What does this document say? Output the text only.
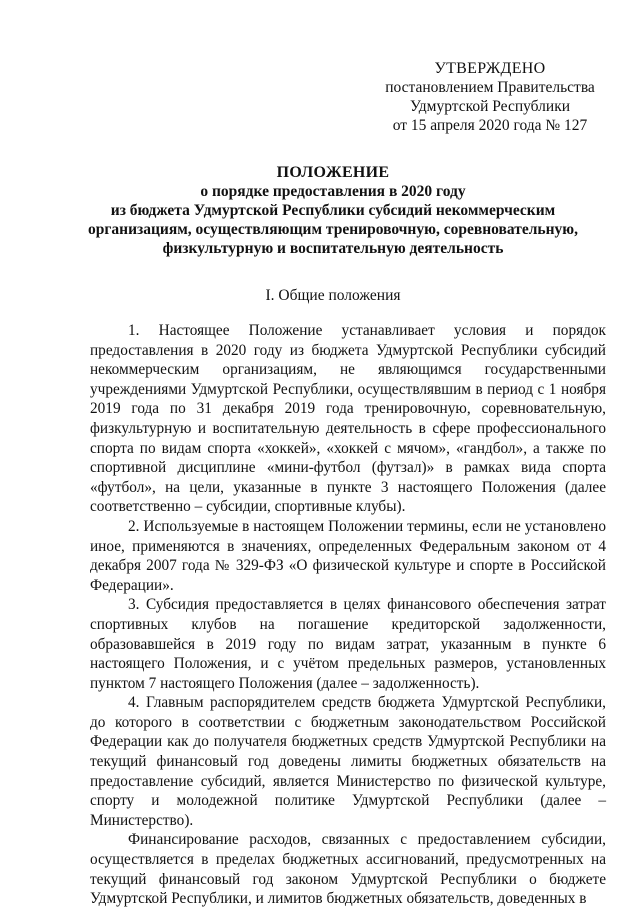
УТВЕРЖДЕНО
постановлением Правительства
Удмуртской Республики
от 15 апреля 2020 года № 127
ПОЛОЖЕНИЕ
о порядке предоставления в 2020 году
из бюджета Удмуртской Республики субсидий некоммерческим
организациям, осуществляющим тренировочную, соревновательную,
физкультурную и воспитательную деятельность
I. Общие положения

1. Настоящее Положение устанавливает условия и порядок предоставления в 2020 году из бюджета Удмуртской Республики субсидий некоммерческим организациям, не являющимся государственными учреждениями Удмуртской Республики, осуществлявшим в период с 1 ноября 2019 года по 31 декабря 2019 года тренировочную, соревновательную, физкультурную и воспитательную деятельность в сфере профессионального спорта по видам спорта «хоккей», «хоккей с мячом», «гандбол», а также по спортивной дисциплине «мини-футбол (футзал)» в рамках вида спорта «футбол», на цели, указанные в пункте 3 настоящего Положения (далее соответственно – субсидии, спортивные клубы).

2. Используемые в настоящем Положении термины, если не установлено иное, применяются в значениях, определенных Федеральным законом от 4 декабря 2007 года № 329-ФЗ «О физической культуре и спорте в Российской Федерации».

3. Субсидия предоставляется в целях финансового обеспечения затрат спортивных клубов на погашение кредиторской задолженности, образовавшейся в 2019 году по видам затрат, указанным в пункте 6 настоящего Положения, и с учётом предельных размеров, установленных пунктом 7 настоящего Положения (далее – задолженность).

4. Главным распорядителем средств бюджета Удмуртской Республики, до которого в соответствии с бюджетным законодательством Российской Федерации как до получателя бюджетных средств Удмуртской Республики на текущий финансовый год доведены лимиты бюджетных обязательств на предоставление субсидий, является Министерство по физической культуре, спорту и молодежной политике Удмуртской Республики (далее – Министерство).

Финансирование расходов, связанных с предоставлением субсидии, осуществляется в пределах бюджетных ассигнований, предусмотренных на текущий финансовый год законом Удмуртской Республики о бюджете Удмуртской Республики, и лимитов бюджетных обязательств, доведенных в
